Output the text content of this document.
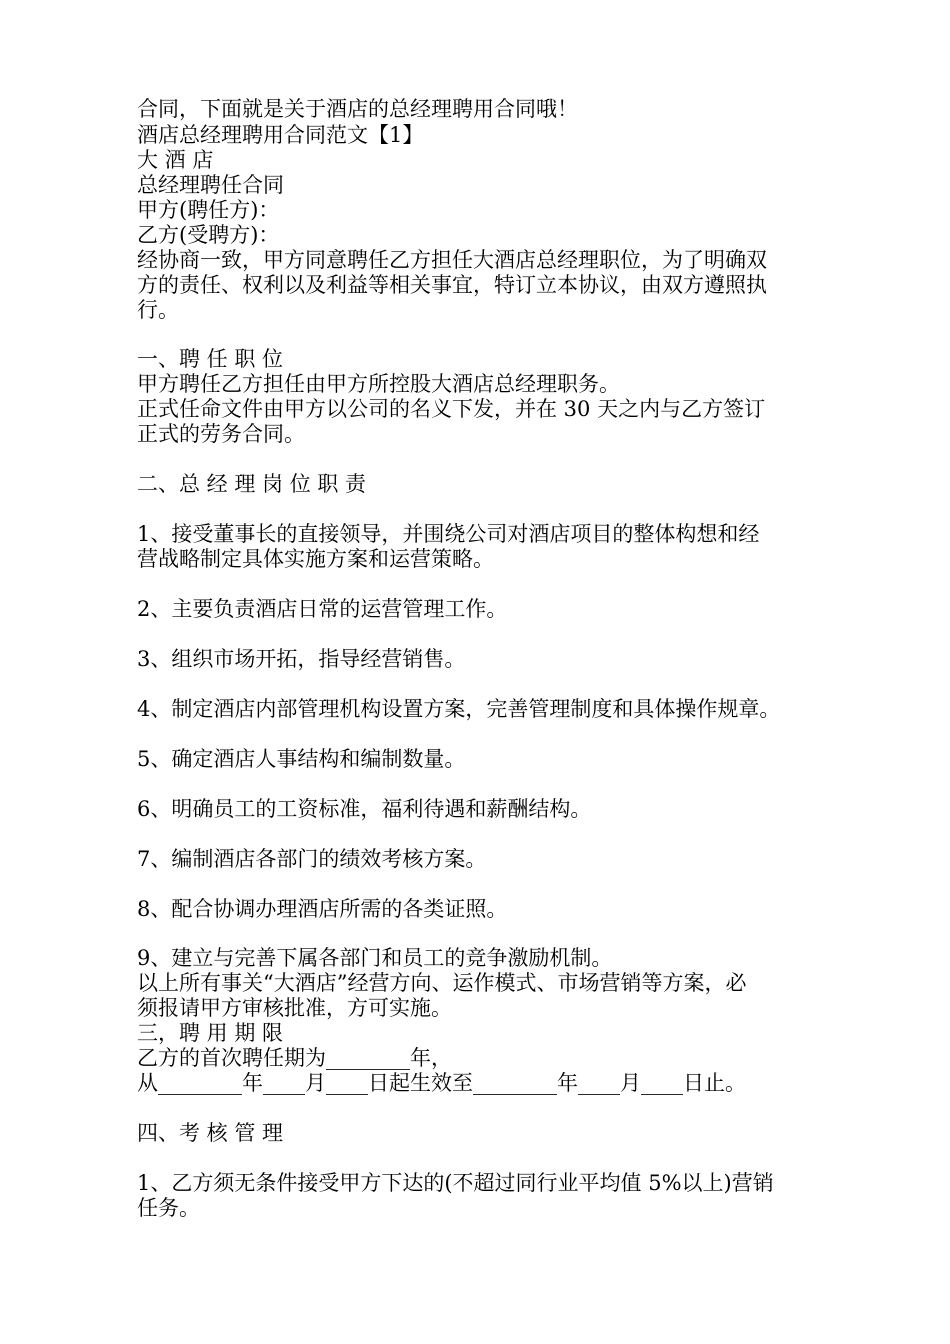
合同，下面就是关于酒店的总经理聘用合同哦！
酒店总经理聘用合同范文【1】
大 酒 店
总经理聘任合同
甲方(聘任方)：
乙方(受聘方)：
经协商一致，甲方同意聘任乙方担任大酒店总经理职位，为了明确双
方的责任、权利以及利益等相关事宜，特订立本协议，由双方遵照执
行。
一、聘 任 职 位
甲方聘任乙方担任由甲方所控股大酒店总经理职务。
正式任命文件由甲方以公司的名义下发，并在 30 天之内与乙方签订
正式的劳务合同。
二、总 经 理 岗 位 职 责
1、接受董事长的直接领导，并围绕公司对酒店项目的整体构想和经
营战略制定具体实施方案和运营策略。
2、主要负责酒店日常的运营管理工作。
3、组织市场开拓，指导经营销售。
4、制定酒店内部管理机构设置方案，完善管理制度和具体操作规章。
5、确定酒店人事结构和编制数量。
6、明确员工的工资标准，福利待遇和薪酬结构。
7、编制酒店各部门的绩效考核方案。
8、配合协调办理酒店所需的各类证照。
9、建立与完善下属各部门和员工的竞争激励机制。
以上所有事关“大酒店”经营方向、运作模式、市场营销等方案，必
须报请甲方审核批准，方可实施。
三，聘 用 期 限
乙方的首次聘任期为________年，
从________年____月____日起生效至________年____月____日止。
四、考 核 管 理
1、乙方须无条件接受甲方下达的(不超过同行业平均值 5%以上)营销
任务。
